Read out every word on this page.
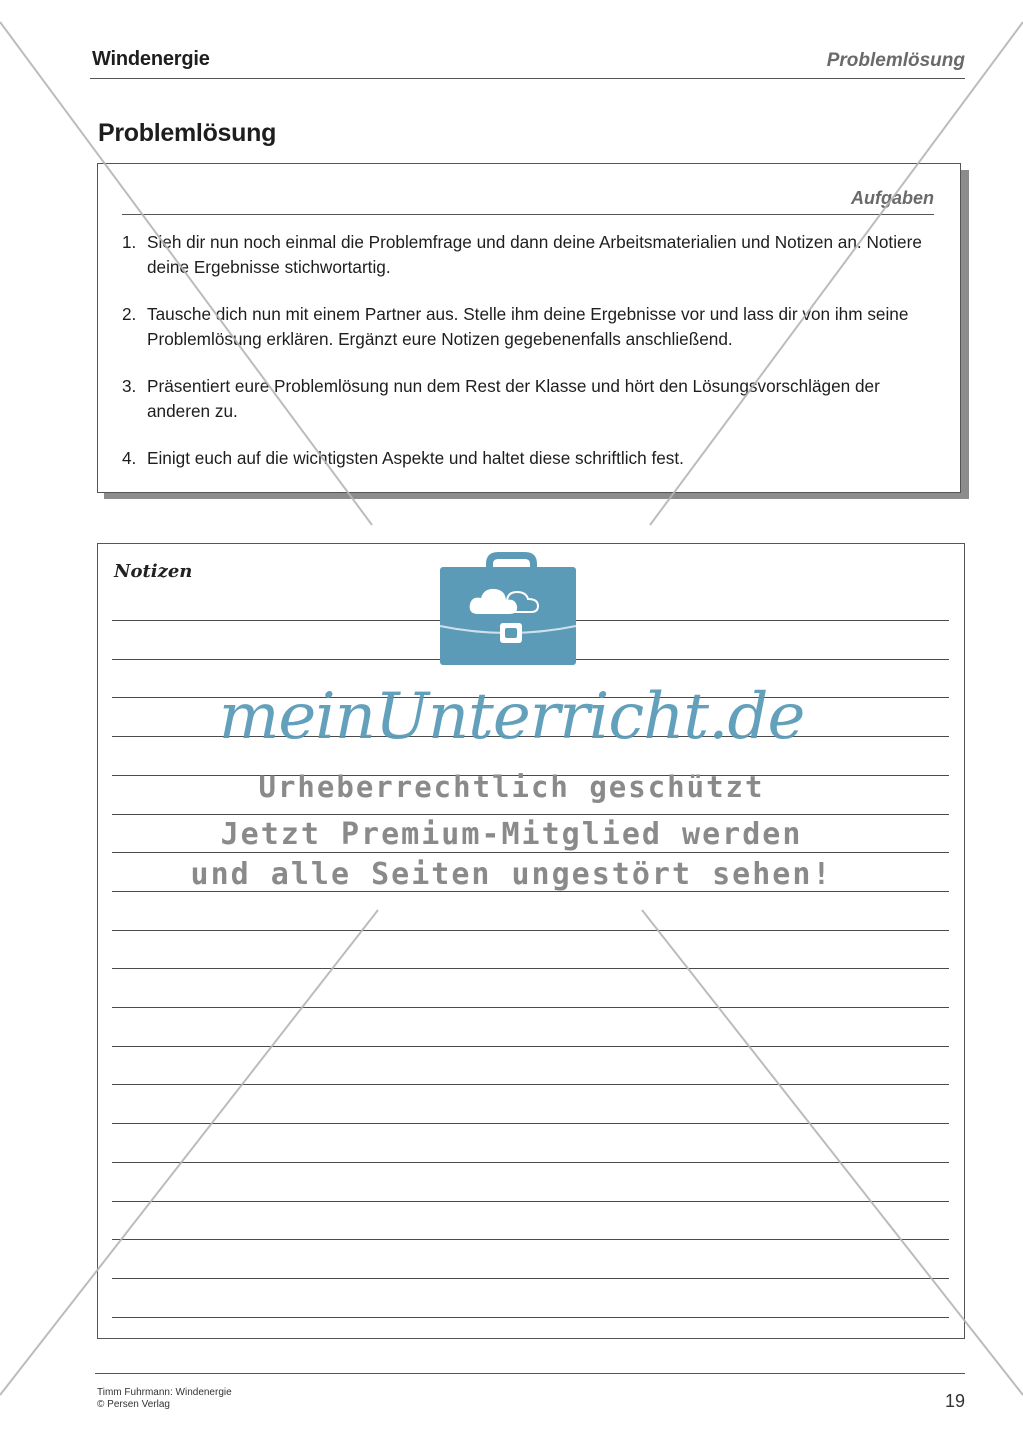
Windenergie	Problemlösung
Problemlösung
Aufgaben
1. Sieh dir nun noch einmal die Problemfrage und dann deine Arbeitsmaterialien und Notizen an. Notiere deine Ergebnisse stichwortartig.
2. Tausche dich nun mit einem Partner aus. Stelle ihm deine Ergebnisse vor und lass dir von ihm seine Problemlösung erklären. Ergänzt eure Notizen gegebenenfalls anschließend.
3. Präsentiert eure Problemlösung nun dem Rest der Klasse und hört den Lösungsvorschlägen der anderen zu.
4. Einigt euch auf die wichtigsten Aspekte und haltet diese schriftlich fest.
Notizen
Timm Fuhrmann: Windenergie
© Persen Verlag	19
meinUnterricht.de
Urheberrechtlich geschützt
Jetzt Premium-Mitglied werden
und alle Seiten ungestört sehen!
